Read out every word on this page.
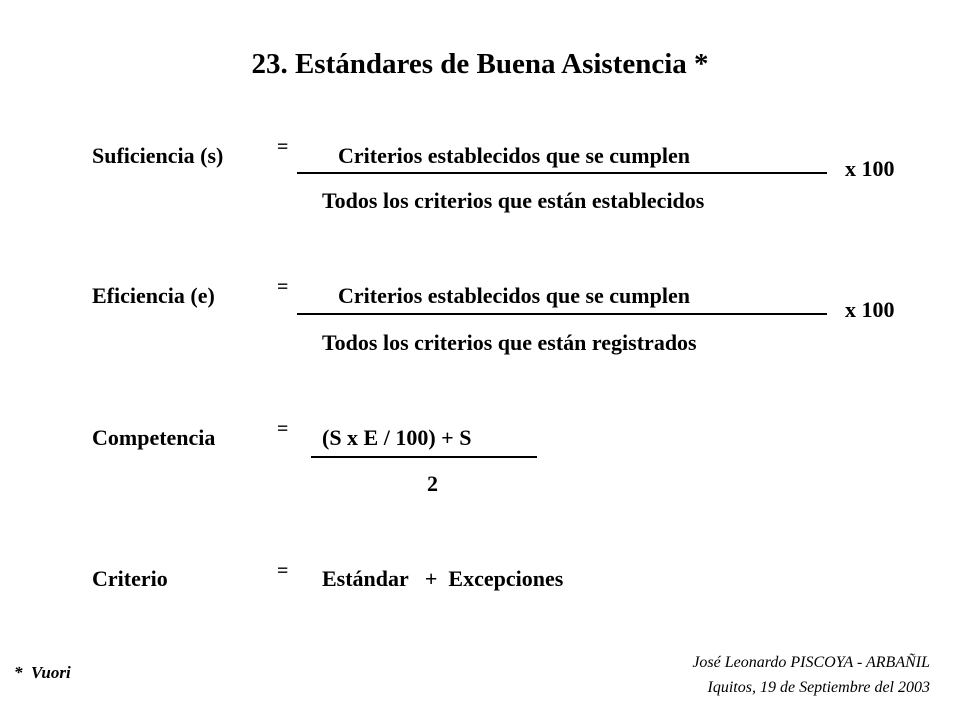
23. Estándares de Buena Asistencia *
Suficiencia (s)	= Criterios establecidos que se cumplen
x 100
Todos los criterios que están establecidos
Eficiencia (e)	= Criterios establecidos que se cumplen
x 100
Todos los criterios que están registrados
Competencia	= (S x E / 100) + S
2
Criterio	= Estándar   +  Excepciones
*  Vuori
José Leonardo PISCOYA - ARBAÑIL
Iquitos, 19 de Septiembre del 2003
